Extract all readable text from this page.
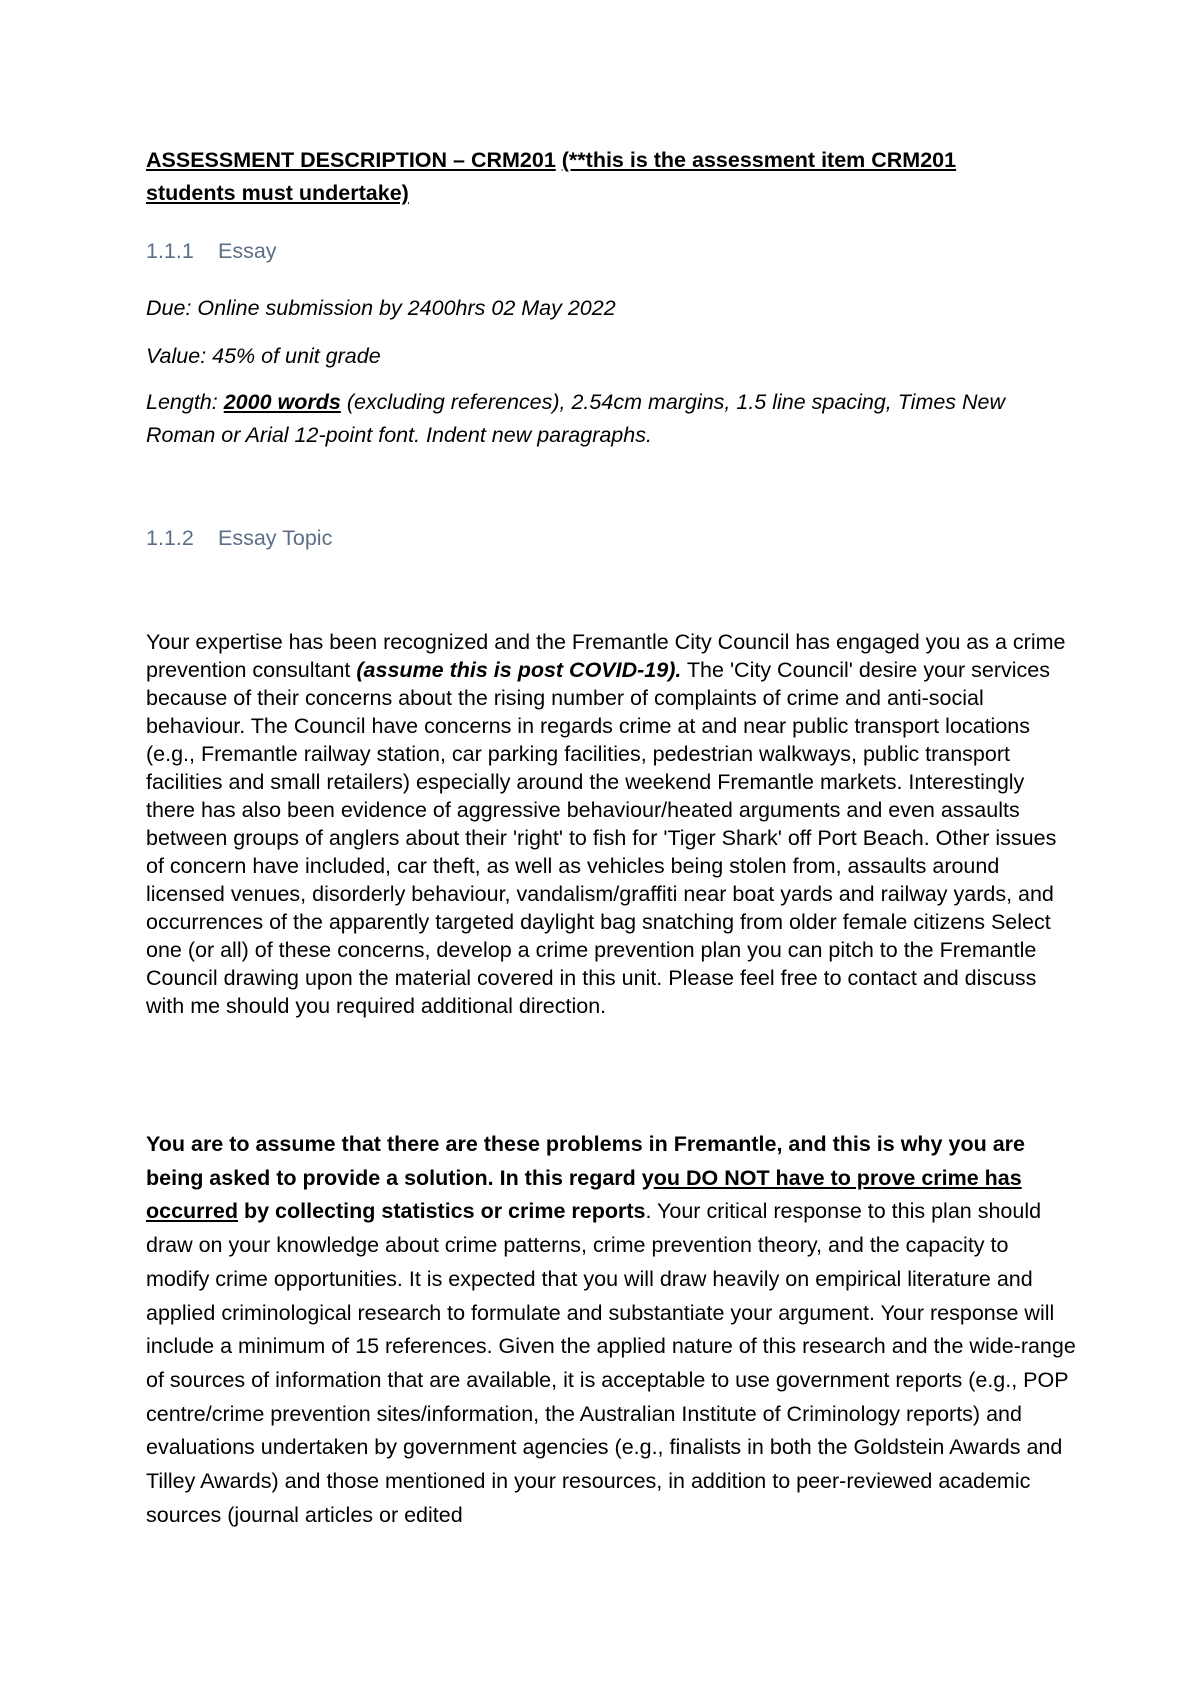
ASSESSMENT DESCRIPTION – CRM201 (**this is the assessment item CRM201 students must undertake)
1.1.1 Essay
Due: Online submission by 2400hrs 02 May 2022
Value: 45% of unit grade
Length: 2000 words (excluding references), 2.54cm margins, 1.5 line spacing, Times New Roman or Arial 12-point font. Indent new paragraphs.
1.1.2 Essay Topic

Your expertise has been recognized and the Fremantle City Council has engaged you as a crime prevention consultant (assume this is post COVID-19). The 'City Council' desire your services because of their concerns about the rising number of complaints of crime and anti-social behaviour. The Council have concerns in regards crime at and near public transport locations (e.g., Fremantle railway station, car parking facilities, pedestrian walkways, public transport facilities and small retailers) especially around the weekend Fremantle markets. Interestingly there has also been evidence of aggressive behaviour/heated arguments and even assaults between groups of anglers about their 'right' to fish for 'Tiger Shark' off Port Beach. Other issues of concern have included, car theft, as well as vehicles being stolen from, assaults around licensed venues, disorderly behaviour, vandalism/graffiti near boat yards and railway yards, and occurrences of the apparently targeted daylight bag snatching from older female citizens Select one (or all) of these concerns, develop a crime prevention plan you can pitch to the Fremantle Council drawing upon the material covered in this unit. Please feel free to contact and discuss with me should you required additional direction.

You are to assume that there are these problems in Fremantle, and this is why you are being asked to provide a solution. In this regard you DO NOT have to prove crime has occurred by collecting statistics or crime reports. Your critical response to this plan should draw on your knowledge about crime patterns, crime prevention theory, and the capacity to modify crime opportunities. It is expected that you will draw heavily on empirical literature and applied criminological research to formulate and substantiate your argument. Your response will include a minimum of 15 references. Given the applied nature of this research and the wide-range of sources of information that are available, it is acceptable to use government reports (e.g., POP centre/crime prevention sites/information, the Australian Institute of Criminology reports) and evaluations undertaken by government agencies (e.g., finalists in both the Goldstein Awards and Tilley Awards) and those mentioned in your resources, in addition to peer-reviewed academic sources (journal articles or edited
